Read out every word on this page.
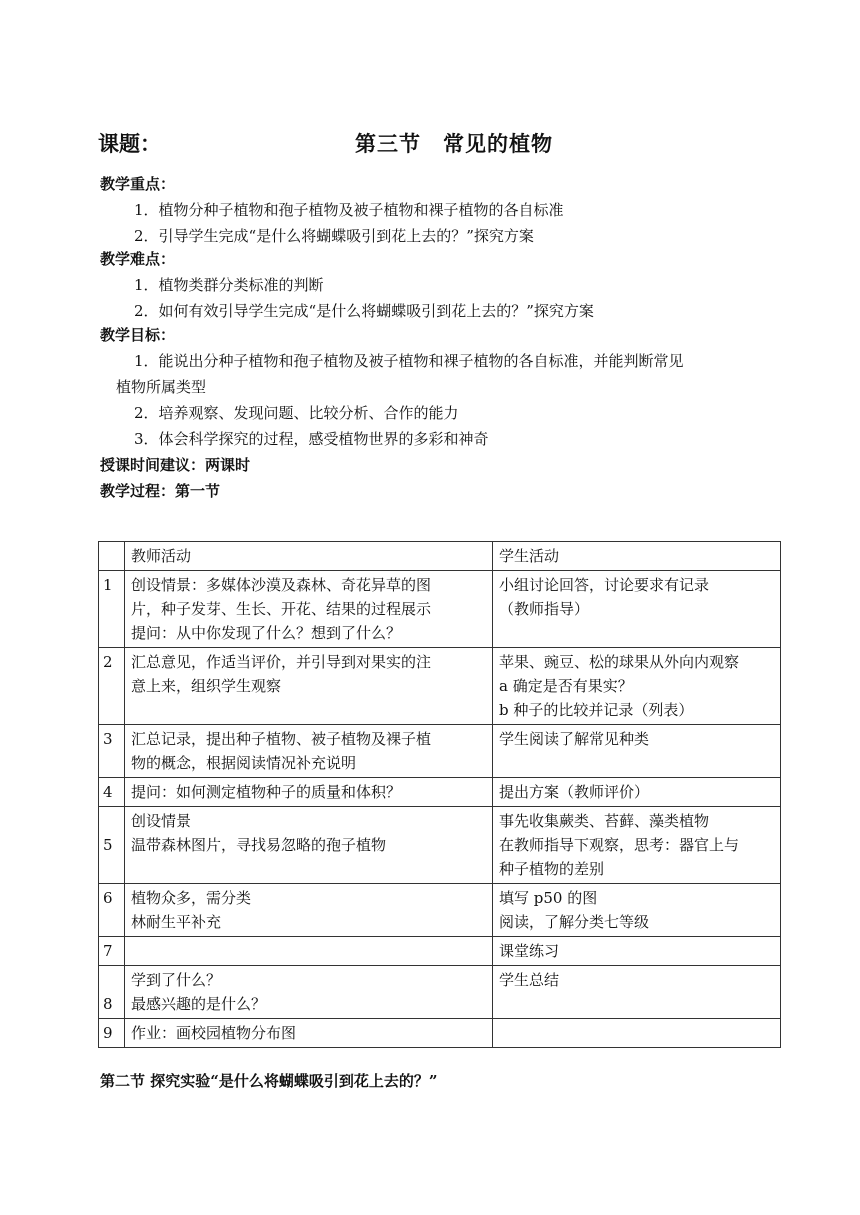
课题：	第三节　常见的植物
教学重点：
1．植物分种子植物和孢子植物及被子植物和裸子植物的各自标准
2．引导学生完成“是什么将蝴蝶吸引到花上去的？”探究方案
教学难点：
1．植物类群分类标准的判断
2．如何有效引导学生完成“是什么将蝴蝶吸引到花上去的？”探究方案
教学目标：
1．能说出分种子植物和孢子植物及被子植物和裸子植物的各自标准，并能判断常见
植物所属类型
2．培养观察、发现问题、比较分析、合作的能力
3．体会科学探究的过程，感受植物世界的多彩和神奇
授课时间建议：两课时
教学过程：第一节
	教师活动	学生活动
1	创设情景：多媒体沙漠及森林、奇花异草的图
片，种子发芽、生长、开花、结果的过程展示
提问：从中你发现了什么？想到了什么？	小组讨论回答，讨论要求有记录
（教师指导）

2	汇总意见，作适当评价，并引导到对果实的注
意上来，组织学生观察	苹果、豌豆、松的球果从外向内观察
a 确定是否有果实？
b 种子的比较并记录（列表）

3	汇总记录，提出种子植物、被子植物及裸子植
物的概念，根据阅读情况补充说明	学生阅读了解常见种类

4	提问：如何测定植物种子的质量和体积？	提出方案（教师评价）

5	创设情景
温带森林图片，寻找易忽略的孢子植物	事先收集蕨类、苔藓、藻类植物
在教师指导下观察，思考：器官上与
种子植物的差别

6	植物众多，需分类
林耐生平补充	填写 p50 的图
阅读，了解分类七等级

7		课堂练习

8	学到了什么？
最感兴趣的是什么？	学生总结

9	作业：画校园植物分布图	

第二节 探究实验“是什么将蝴蝶吸引到花上去的？”
